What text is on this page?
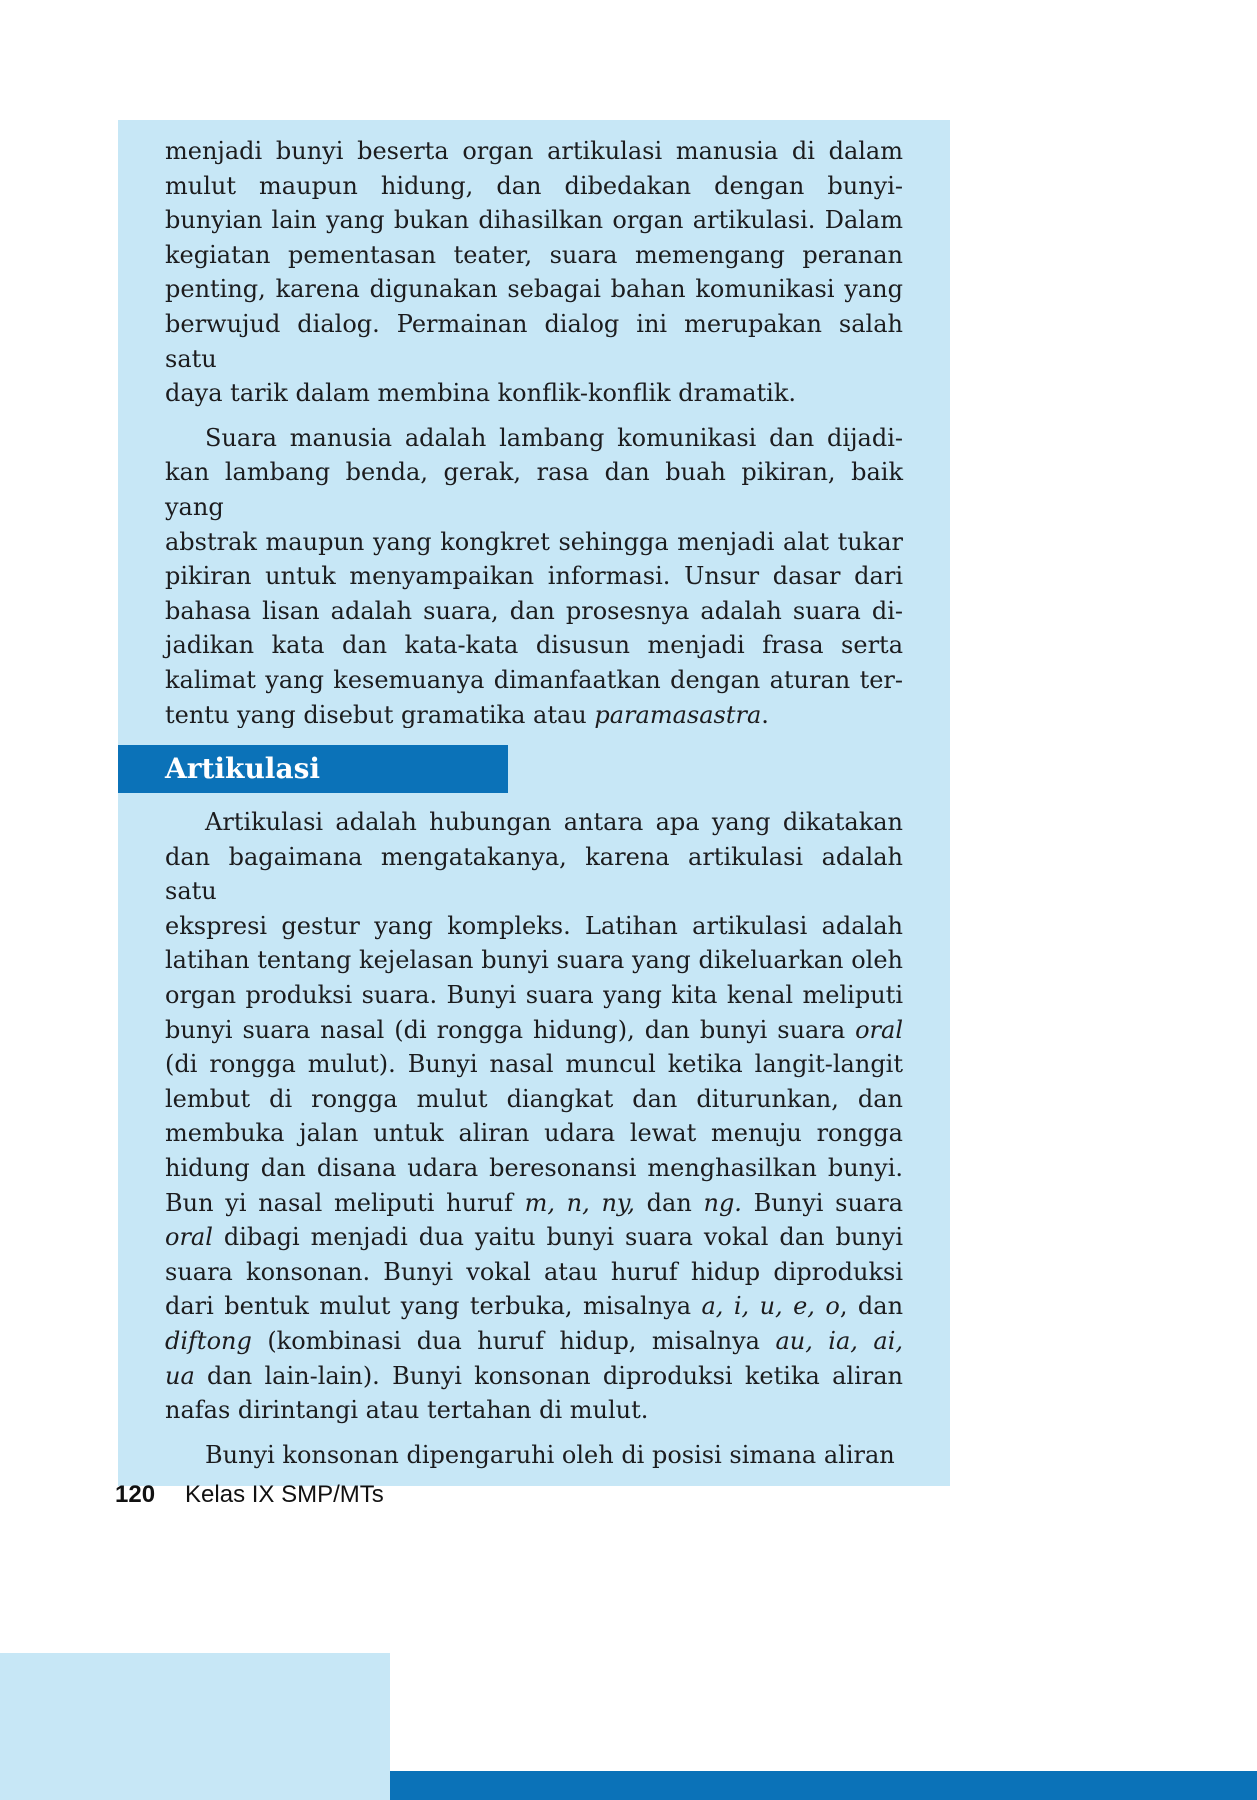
menjadi bunyi beserta organ artikulasi manusia di dalam
mulut maupun hidung, dan dibedakan dengan bunyi-
bunyian lain yang bukan dihasilkan organ artikulasi. Dalam
kegiatan pementasan teater, suara memengang peranan
penting, karena digunakan sebagai bahan komunikasi yang
berwujud dialog. Permainan dialog ini merupakan salah satu
daya tarik dalam membina konflik-konflik dramatik.
Suara manusia adalah lambang komunikasi dan dijadi-
kan lambang benda, gerak, rasa dan buah pikiran, baik yang
abstrak maupun yang kongkret sehingga menjadi alat tukar
pikiran untuk menyampaikan informasi. Unsur dasar dari
bahasa lisan adalah suara, dan prosesnya adalah suara di-
jadikan kata dan kata-kata disusun menjadi frasa serta
kalimat yang kesemuanya dimanfaatkan dengan aturan ter-
tentu yang disebut gramatika atau paramasastra.
Artikulasi
Artikulasi adalah hubungan antara apa yang dikatakan
dan bagaimana mengatakanya, karena artikulasi adalah satu
ekspresi gestur yang kompleks. Latihan artikulasi adalah
latihan tentang kejelasan bunyi suara yang dikeluarkan oleh
organ produksi suara. Bunyi suara yang kita kenal meliputi
bunyi suara nasal (di rongga hidung), dan bunyi suara oral
(di rongga mulut). Bunyi nasal muncul ketika langit-langit
lembut di rongga mulut diangkat dan diturunkan, dan
membuka jalan untuk aliran udara lewat menuju rongga
hidung dan disana udara beresonansi menghasilkan bunyi.
Bun yi nasal meliputi huruf m, n, ny, dan ng. Bunyi suara
oral dibagi menjadi dua yaitu bunyi suara vokal dan bunyi
suara konsonan. Bunyi vokal atau huruf hidup diproduksi
dari bentuk mulut yang terbuka, misalnya a, i, u, e, o, dan
diftong (kombinasi dua huruf hidup, misalnya au, ia, ai,
ua dan lain-lain). Bunyi konsonan diproduksi ketika aliran
nafas dirintangi atau tertahan di mulut.
Bunyi konsonan dipengaruhi oleh di posisi simana aliran
120 Kelas IX SMP/MTs
